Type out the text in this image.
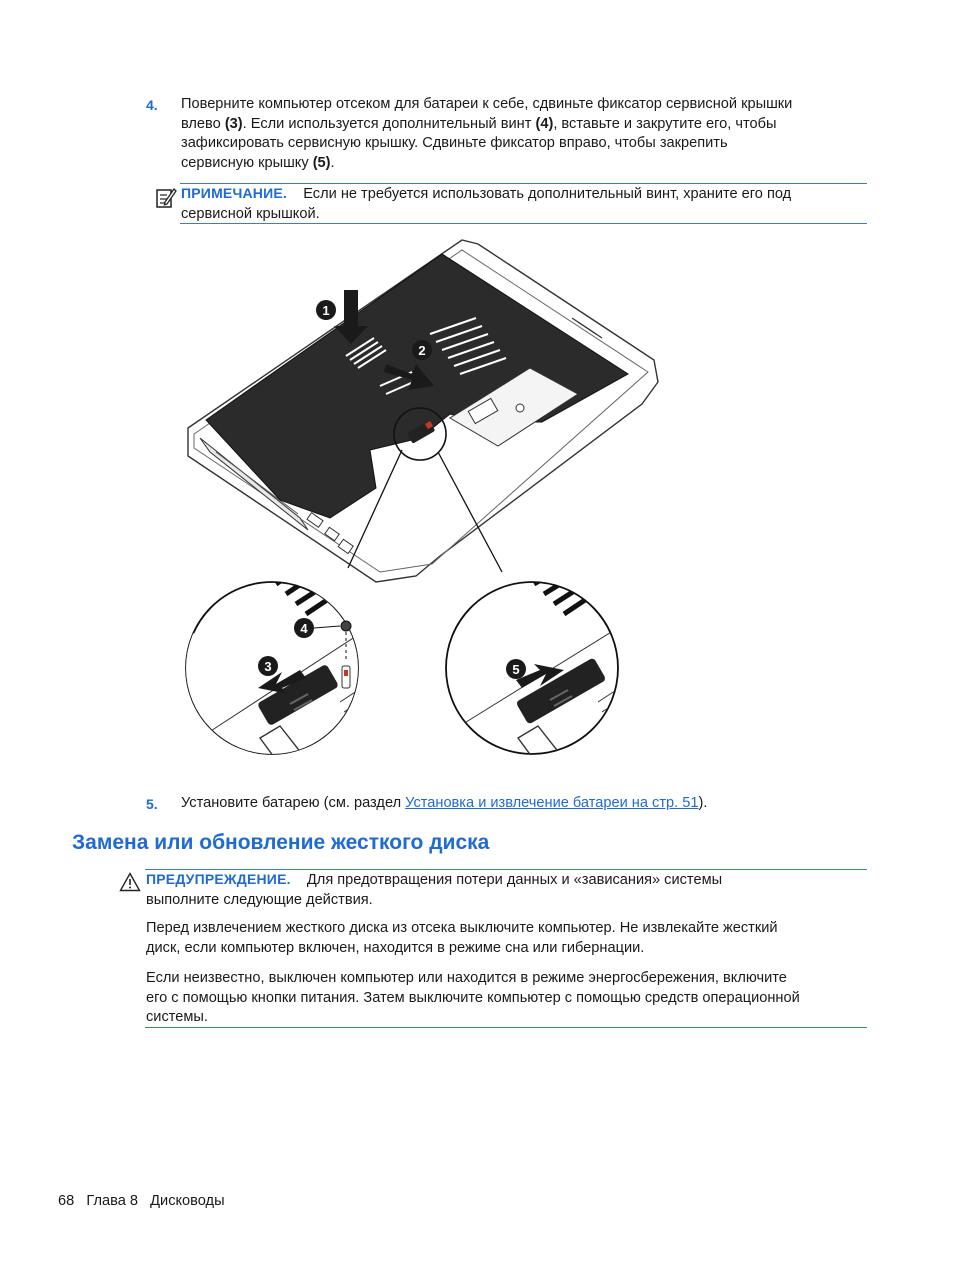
4. Поверните компьютер отсеком для батареи к себе, сдвиньте фиксатор сервисной крышки
влево (3). Если используется дополнительный винт (4), вставьте и закрутите его, чтобы
зафиксировать сервисную крышку. Сдвиньте фиксатор вправо, чтобы закрепить
сервисную крышку (5).
ПРИМЕЧАНИЕ. Если не требуется использовать дополнительный винт, храните его под
сервисной крышкой.
1
2
3
4
5
5. Установите батарею (см. раздел Установка и извлечение батареи на стр. 51).
Замена или обновление жесткого диска
ПРЕДУПРЕЖДЕНИЕ. Для предотвращения потери данных и «зависания» системы
выполните следующие действия.
Перед извлечением жесткого диска из отсека выключите компьютер. Не извлекайте жесткий
диск, если компьютер включен, находится в режиме сна или гибернации.
Если неизвестно, выключен компьютер или находится в режиме энергосбережения, включите
его с помощью кнопки питания. Затем выключите компьютер с помощью средств операционной
системы.
68 Глава 8 Дисководы
